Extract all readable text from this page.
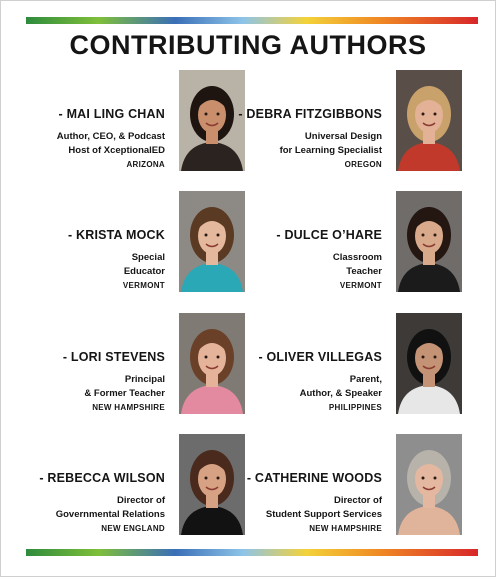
CONTRIBUTING AUTHORS
- MAI LING CHAN
Author, CEO, & Podcast
Host of XceptionalED
ARIZONA
- DEBRA FITZGIBBONS
Universal Design
for Learning Specialist
OREGON
- KRISTA MOCK
Special
Educator
VERMONT
- DULCE O’HARE
Classroom
Teacher
VERMONT
- LORI STEVENS
Principal
& Former Teacher
NEW HAMPSHIRE
- OLIVER VILLEGAS
Parent,
Author, & Speaker
PHILIPPINES
- REBECCA WILSON
Director of
Governmental Relations
NEW ENGLAND
- CATHERINE WOODS
Director of
Student Support Services
NEW HAMPSHIRE
